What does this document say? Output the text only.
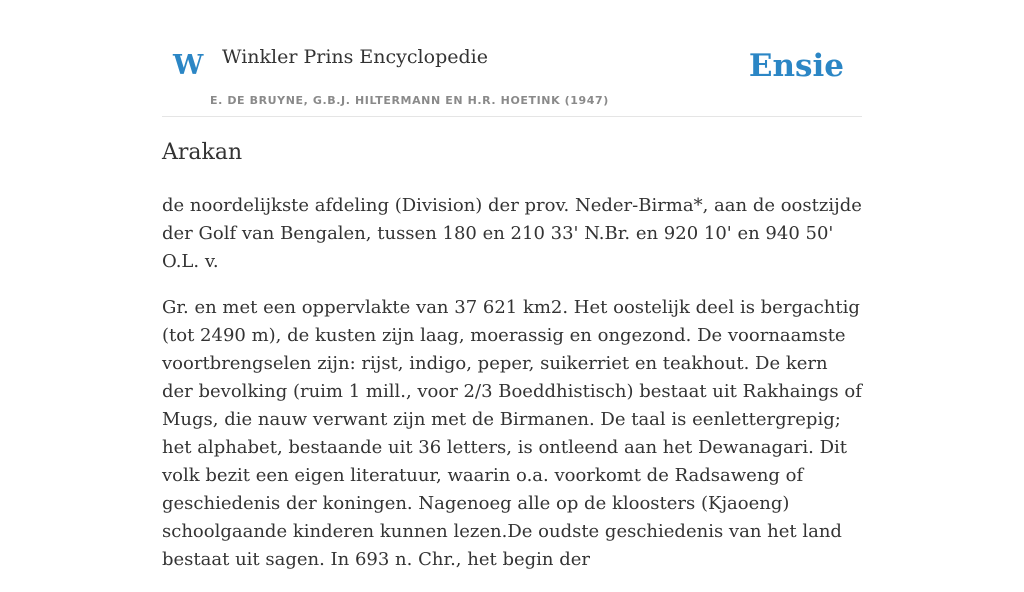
W Winkler Prins Encyclopedie
E. DE BRUYNE, G.B.J. HILTERMANN EN H.R. HOETINK (1947)
Ensie
Arakan

de noordelijkste afdeling (Division) der prov. Neder-Birma*, aan de oostzijde der Golf van Bengalen, tussen 180 en 210 33' N.Br. en 920 10' en 940 50' O.L. v.

Gr. en met een oppervlakte van 37 621 km2. Het oostelijk deel is bergachtig (tot 2490 m), de kusten zijn laag, moerassig en ongezond. De voornaamste voortbrengselen zijn: rijst, indigo, peper, suikerriet en teakhout. De kern der bevolking (ruim 1 mill., voor 2/3 Boeddhistisch) bestaat uit Rakhaings of Mugs, die nauw verwant zijn met de Birmanen. De taal is eenlettergrepig; het alphabet, bestaande uit 36 letters, is ontleend aan het Dewanagari. Dit volk bezit een eigen literatuur, waarin o.a. voorkomt de Radsaweng of geschiedenis der koningen. Nagenoeg alle op de kloosters (Kjaoeng) schoolgaande kinderen kunnen lezen.De oudste geschiedenis van het land bestaat uit sagen. In 693 n. Chr., het begin der
